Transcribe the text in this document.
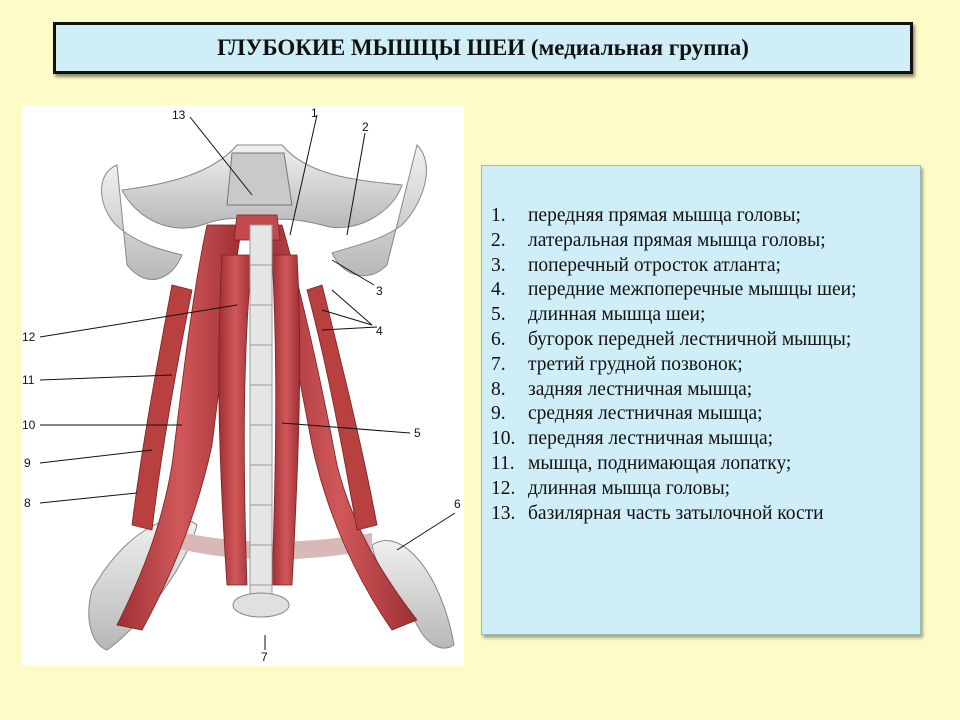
ГЛУБОКИЕ МЫШЦЫ ШЕИ (медиальная группа)
13	1
2
3
4
12
11
10
5
9
8	6
7
1. передняя прямая мышца головы;
2. латеральная прямая мышца головы;
3. поперечный отросток атланта;
4. передние межпоперечные мышцы шеи;
5. длинная мышца шеи;
6. бугорок передней лестничной мышцы;
7. третий грудной позвонок;
8. задняя лестничная мышца;
9. средняя лестничная мышца;
10. передняя лестничная мышца;
11. мышца, поднимающая лопатку;
12. длинная мышца головы;
13. базилярная часть затылочной кости
